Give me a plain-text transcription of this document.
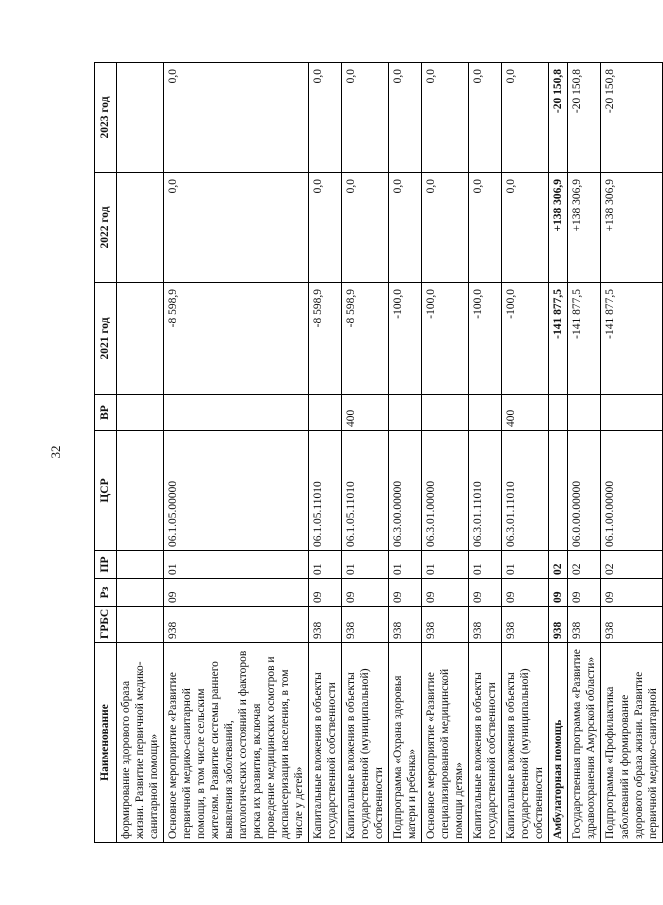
32
Наименование	ГРБС	Рз	ПР	ЦСР	ВР	2021 год	2022 год	2023 год
формирование здорового образа жизни. Развитие первичной медико-санитарной помощи»								
Основное мероприятие «Развитие первичной медико-санитарной помощи, в том числе сельским жителям. Развитие системы раннего выявления заболеваний, патологических состояний и факторов риска их развития, включая проведение медицинских осмотров и диспансеризации населения, в том числе у детей»	938	09	01	06.1.05.00000		-8 598,9	0,0	0,0
Капитальные вложения в объекты государственной собственности	938	09	01	06.1.05.11010		-8 598,9	0,0	0,0
Капитальные вложения в объекты государственной (муниципальной) собственности	938	09	01	06.1.05.11010	400	-8 598,9	0,0	0,0
Подпрограмма «Охрана здоровья матери и ребенка»	938	09	01	06.3.00.00000		-100,0	0,0	0,0
Основное мероприятие «Развитие специализированной медицинской помощи детям»	938	09	01	06.3.01.00000		-100,0	0,0	0,0
Капитальные вложения в объекты государственной собственности	938	09	01	06.3.01.11010		-100,0	0,0	0,0
Капитальные вложения в объекты государственной (муниципальной) собственности	938	09	01	06.3.01.11010	400	-100,0	0,0	0,0
Амбулаторная помощь	938	09	02			-141 877,5	+138 306,9	-20 150,8
Государственная программа «Развитие здравоохранения Амурской области»	938	09	02	06.0.00.00000		-141 877,5	+138 306,9	-20 150,8
Подпрограмма «Профилактика заболеваний и формирование здорового образа жизни. Развитие первичной медико-санитарной	938	09	02	06.1.00.00000		-141 877,5	+138 306,9	-20 150,8
